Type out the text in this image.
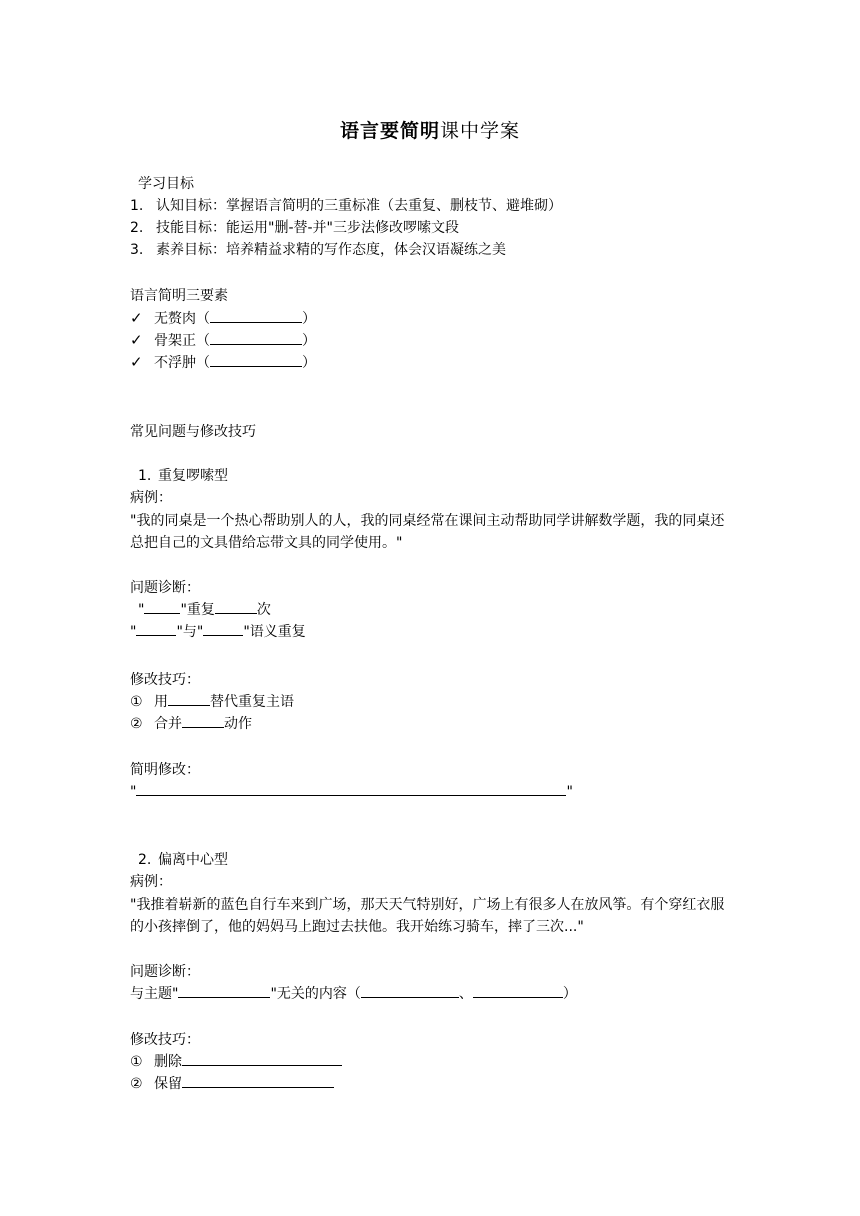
语言要简明课中学案
学习目标
1. 认知目标：掌握语言简明的三重标准（去重复、删枝节、避堆砌）
2. 技能目标：能运用"删-替-并"三步法修改啰嗦文段
3. 素养目标：培养精益求精的写作态度，体会汉语凝练之美
语言简明三要素
✓ 无赘肉（	）
✓ 骨架正（	）
✓ 不浮肿（	）
常见问题与修改技巧
1. 重复啰嗦型
病例：
"我的同桌是一个热心帮助别人的人，我的同桌经常在课间主动帮助同学讲解数学题，我的同桌还总把自己的文具借给忘带文具的同学使用。"
问题诊断：
"	"重复	次
"	"与"	"语义重复
修改技巧：
① 用	替代重复主语
② 合并	动作
简明修改：
"	"
2. 偏离中心型
病例：
"我推着崭新的蓝色自行车来到广场，那天天气特别好，广场上有很多人在放风筝。有个穿红衣服的小孩摔倒了，他的妈妈马上跑过去扶他。我开始练习骑车，摔了三次..."
问题诊断：
与主题"	"无关的内容（	、	）
修改技巧：
① 删除
② 保留
